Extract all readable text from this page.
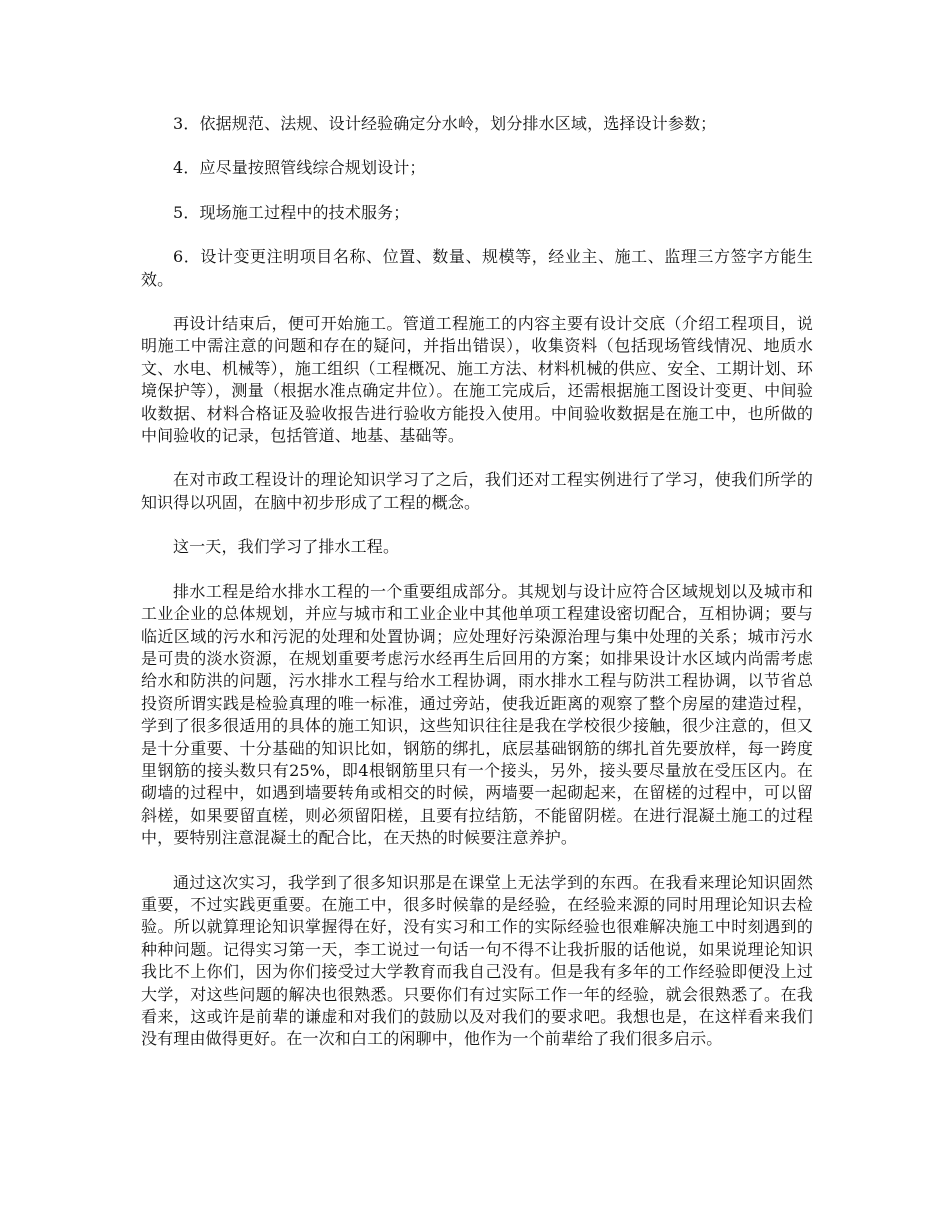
3．依据规范、法规、设计经验确定分水岭，划分排水区域，选择设计参数；

4．应尽量按照管线综合规划设计；

5．现场施工过程中的技术服务；

6．设计变更注明项目名称、位置、数量、规模等，经业主、施工、监理三方签字方能生效。

再设计结束后，便可开始施工。管道工程施工的内容主要有设计交底（介绍工程项目，说明施工中需注意的问题和存在的疑问，并指出错误），收集资料（包括现场管线情况、地质水文、水电、机械等），施工组织（工程概况、施工方法、材料机械的供应、安全、工期计划、环境保护等），测量（根据水准点确定井位）。在施工完成后，还需根据施工图设计变更、中间验收数据、材料合格证及验收报告进行验收方能投入使用。中间验收数据是在施工中，也所做的中间验收的记录，包括管道、地基、基础等。

在对市政工程设计的理论知识学习了之后，我们还对工程实例进行了学习，使我们所学的知识得以巩固，在脑中初步形成了工程的概念。

这一天，我们学习了排水工程。

排水工程是给水排水工程的一个重要组成部分。其规划与设计应符合区域规划以及城市和工业企业的总体规划，并应与城市和工业企业中其他单项工程建设密切配合，互相协调；要与临近区域的污水和污泥的处理和处置协调；应处理好污染源治理与集中处理的关系；城市污水是可贵的淡水资源，在规划重要考虑污水经再生后回用的方案；如排果设计水区域内尚需考虑给水和防洪的问题，污水排水工程与给水工程协调，雨水排水工程与防洪工程协调，以节省总投资所谓实践是检验真理的唯一标准，通过旁站，使我近距离的观察了整个房屋的建造过程，学到了很多很适用的具体的施工知识，这些知识往往是我在学校很少接触，很少注意的，但又是十分重要、十分基础的知识比如，钢筋的绑扎，底层基础钢筋的绑扎首先要放样，每一跨度里钢筋的接头数只有25%，即4根钢筋里只有一个接头，另外，接头要尽量放在受压区内。在砌墙的过程中，如遇到墙要转角或相交的时候，两墙要一起砌起来，在留槎的过程中，可以留斜槎，如果要留直槎，则必须留阳槎，且要有拉结筋，不能留阴槎。在进行混凝土施工的过程中，要特别注意混凝土的配合比，在天热的时候要注意养护。

通过这次实习，我学到了很多知识那是在课堂上无法学到的东西。在我看来理论知识固然重要，不过实践更重要。在施工中，很多时候靠的是经验，在经验来源的同时用理论知识去检验。所以就算理论知识掌握得在好，没有实习和工作的实际经验也很难解决施工中时刻遇到的种种问题。记得实习第一天，李工说过一句话一句不得不让我折服的话他说，如果说理论知识我比不上你们，因为你们接受过大学教育而我自己没有。但是我有多年的工作经验即便没上过大学，对这些问题的解决也很熟悉。只要你们有过实际工作一年的经验，就会很熟悉了。在我看来，这或许是前辈的谦虚和对我们的鼓励以及对我们的要求吧。我想也是，在这样看来我们没有理由做得更好。在一次和白工的闲聊中，他作为一个前辈给了我们很多启示。
